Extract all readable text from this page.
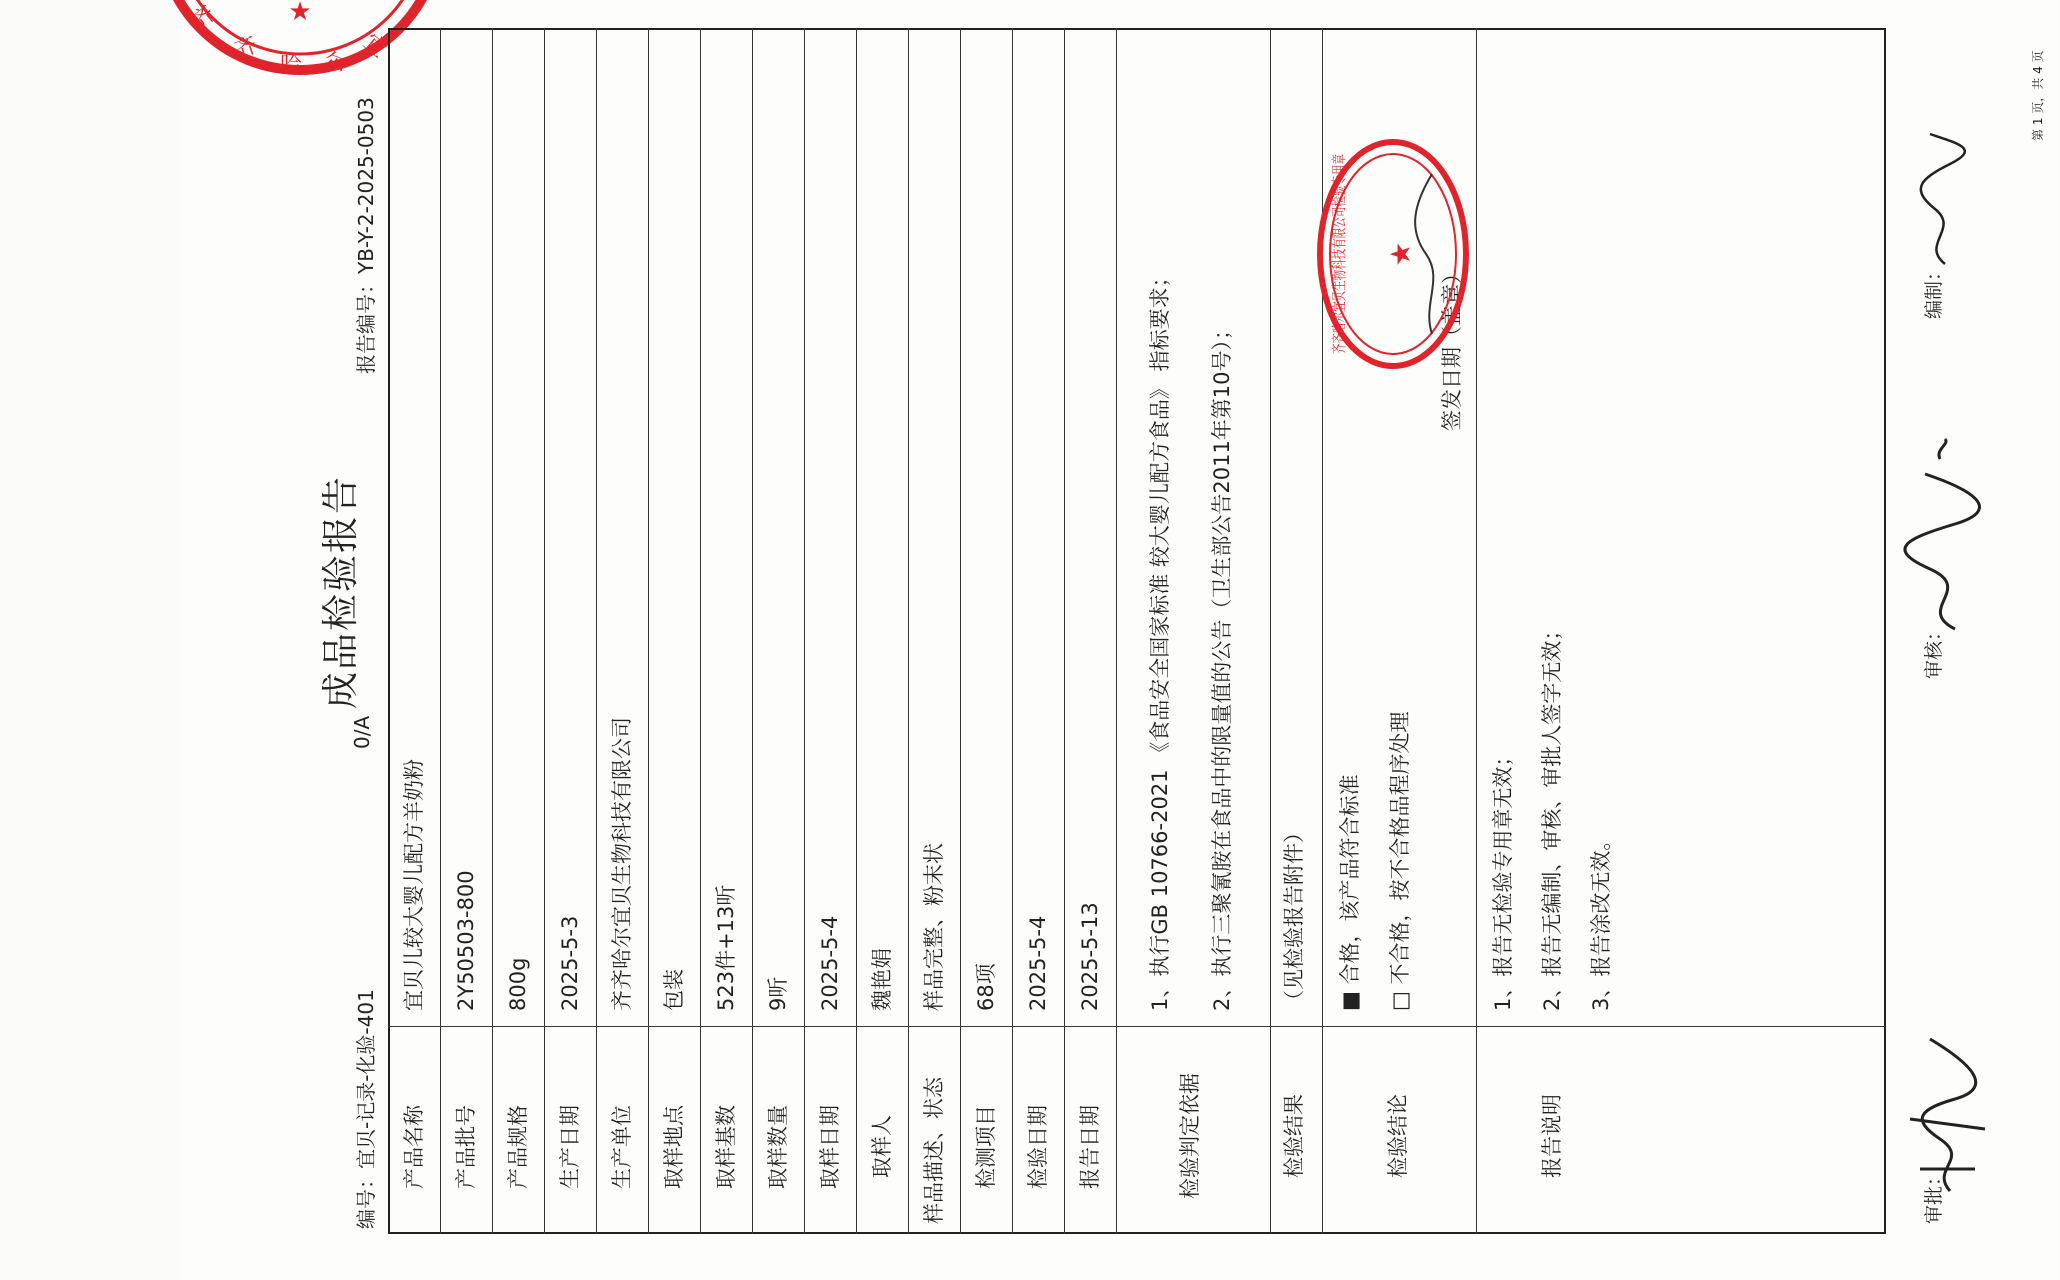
齐
齐
哈 尔
宜
★
成品检验报告
编号：宜贝-记录-化验-401
0/A
报告编号：YB-Y-2-2025-0503
产品名称
宜贝儿较大婴儿配方羊奶粉
产品批号
2Y50503-800
产品规格
800g
生产日期
2025-5-3
生产单位
齐齐哈尔宜贝生物科技有限公司
取样地点
包装
取样基数
523件+13听
取样数量
9听
取样日期
2025-5-4
取样人
魏艳娟
样品描述、状态
样品完整、粉末状
检测项目
68项
检验日期
2025-5-4
报告日期
2025-5-13
检验判定依据
1、执行GB 10766-2021 《食品安全国家标准 较大婴儿配方食品》 指标要求； 2、执行三聚氰胺在食品中的限量值的公告（卫生部公告2011年第10号）；
检验结果
（见检验报告附件）
检验结论
■ 合格，该产品符合标准
□ 不合格，按不合格品程序处理
签发日期（盖章）
齐齐哈尔宜贝生物科技有限公司检验专用章 ★
报告说明
1、报告无检验专用章无效； 2、报告无编制、审核、审批人签字无效； 3、报告涂改无效。
审批：
审核：
编制：
第 1 页，共 4 页
